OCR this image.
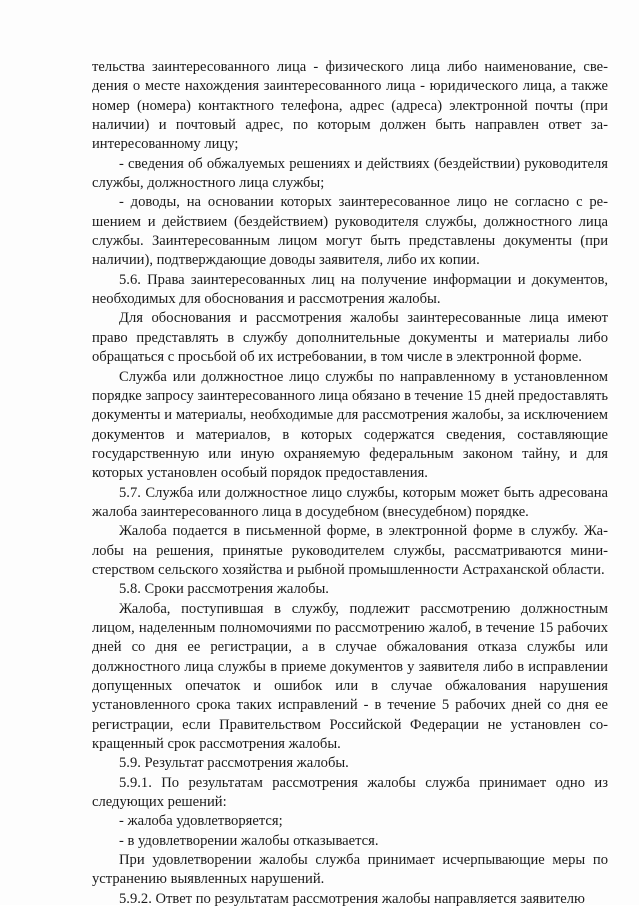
тельства заинтересованного лица - физического лица либо наименование, сведения о месте нахождения заинтересованного лица - юридического лица, а также номер (номера) контактного телефона, адрес (адреса) электронной почты (при наличии) и почтовый адрес, по которым должен быть направлен ответ заинтересованному лицу;

- сведения об обжалуемых решениях и действиях (бездействии) руководителя службы, должностного лица службы;

- доводы, на основании которых заинтересованное лицо не согласно с решением и действием (бездействием) руководителя службы, должностного лица службы. Заинтересованным лицом могут быть представлены документы (при наличии), подтверждающие доводы заявителя, либо их копии.

5.6. Права заинтересованных лиц на получение информации и документов, необходимых для обоснования и рассмотрения жалобы.

Для обоснования и рассмотрения жалобы заинтересованные лица имеют право представлять в службу дополнительные документы и материалы либо обращаться с просьбой об их истребовании, в том числе в электронной форме.

Служба или должностное лицо службы по направленному в установленном порядке запросу заинтересованного лица обязано в течение 15 дней предоставлять документы и материалы, необходимые для рассмотрения жалобы, за исключением документов и материалов, в которых содержатся сведения, составляющие государственную или иную охраняемую федеральным законом тайну, и для которых установлен особый порядок предоставления.

5.7. Служба или должностное лицо службы, которым может быть адресована жалоба заинтересованного лица в досудебном (внесудебном) порядке.

Жалоба подается в письменной форме, в электронной форме в службу. Жалобы на решения, принятые руководителем службы, рассматриваются министерством сельского хозяйства и рыбной промышленности Астраханской области.

5.8. Сроки рассмотрения жалобы.

Жалоба, поступившая в службу, подлежит рассмотрению должностным лицом, наделенным полномочиями по рассмотрению жалоб, в течение 15 рабочих дней со дня ее регистрации, а в случае обжалования отказа службы или должностного лица службы в приеме документов у заявителя либо в исправлении допущенных опечаток и ошибок или в случае обжалования нарушения установленного срока таких исправлений - в течение 5 рабочих дней со дня ее регистрации, если Правительством Российской Федерации не установлен сокращенный срок рассмотрения жалобы.

5.9. Результат рассмотрения жалобы.

5.9.1. По результатам рассмотрения жалобы служба принимает одно из следующих решений:

- жалоба удовлетворяется;

- в удовлетворении жалобы отказывается.

При удовлетворении жалобы служба принимает исчерпывающие меры по устранению выявленных нарушений.

5.9.2. Ответ по результатам рассмотрения жалобы направляется заявителю
